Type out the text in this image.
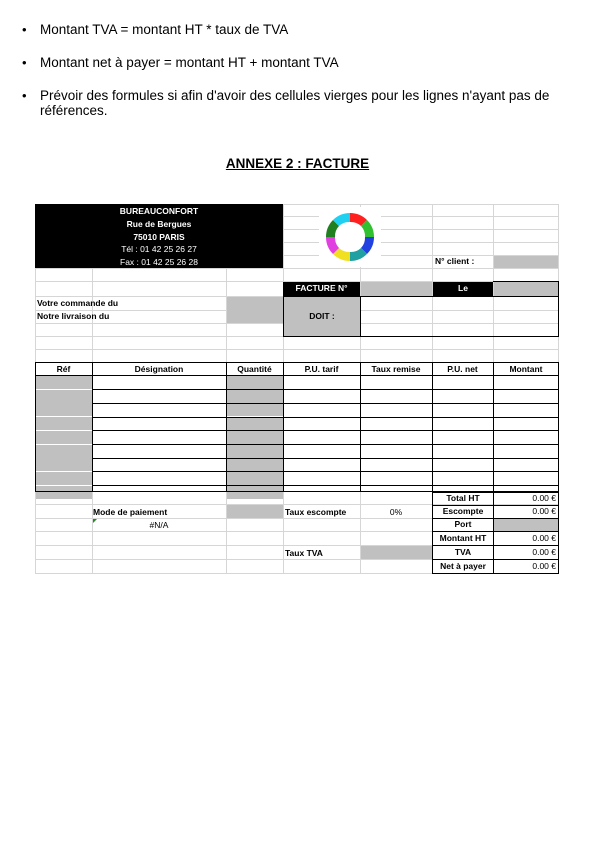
• Montant TVA = montant HT * taux de TVA
• Montant net à payer = montant HT + montant TVA
• Prévoir des formules si afin d'avoir des cellules vierges pour les lignes n'ayant pas de références.
ANNEXE 2 : FACTURE
BUREAUCONFORT
Rue de Bergues
75010 PARIS
Tél : 01 42 25 26 27
Fax : 01 42 25 26 28	N° client :
FACTURE N°	Le
Votre commande du
Notre livraison du	DOIT :
Réf	Désignation	Quantité	P.U. tarif	Taux remise	P.U. net	Montant
Mode de paiement
#N/A
Taux escompte	0%
Taux TVA
Total HT	0.00 €
Escompte	0.00 €
Port
Montant HT	0.00 €
TVA	0.00 €
Net à payer	0.00 €
